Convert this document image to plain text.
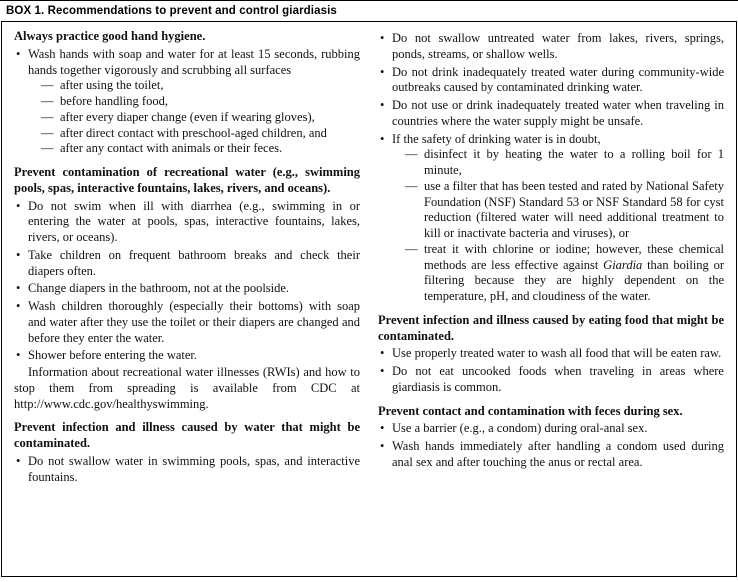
BOX 1. Recommendations to prevent and control giardiasis
Always practice good hand hygiene.
• Wash hands with soap and water for at least 15 seconds, rubbing hands together vigorously and scrubbing all surfaces
— after using the toilet,
— before handling food,
— after every diaper change (even if wearing gloves),
— after direct contact with preschool-aged children, and
— after any contact with animals or their feces.
Prevent contamination of recreational water (e.g., swimming pools, spas, interactive fountains, lakes, rivers, and oceans).
• Do not swim when ill with diarrhea (e.g., swimming in or entering the water at pools, spas, interactive fountains, lakes, rivers, or oceans).
• Take children on frequent bathroom breaks and check their diapers often.
• Change diapers in the bathroom, not at the poolside.
• Wash children thoroughly (especially their bottoms) with soap and water after they use the toilet or their diapers are changed and before they enter the water.
• Shower before entering the water.
Information about recreational water illnesses (RWIs) and how to stop them from spreading is available from CDC at http://www.cdc.gov/healthyswimming.
Prevent infection and illness caused by water that might be contaminated.
• Do not swallow water in swimming pools, spas, and interactive fountains.
• Do not swallow untreated water from lakes, rivers, springs, ponds, streams, or shallow wells.
• Do not drink inadequately treated water during community-wide outbreaks caused by contaminated drinking water.
• Do not use or drink inadequately treated water when traveling in countries where the water supply might be unsafe.
• If the safety of drinking water is in doubt,
— disinfect it by heating the water to a rolling boil for 1 minute,
— use a filter that has been tested and rated by National Safety Foundation (NSF) Standard 53 or NSF Standard 58 for cyst reduction (filtered water will need additional treatment to kill or inactivate bacteria and viruses), or
— treat it with chlorine or iodine; however, these chemical methods are less effective against Giardia than boiling or filtering because they are highly dependent on the temperature, pH, and cloudiness of the water.
Prevent infection and illness caused by eating food that might be contaminated.
• Use properly treated water to wash all food that will be eaten raw.
• Do not eat uncooked foods when traveling in areas where giardiasis is common.
Prevent contact and contamination with feces during sex.
• Use a barrier (e.g., a condom) during oral-anal sex.
• Wash hands immediately after handling a condom used during anal sex and after touching the anus or rectal area.
